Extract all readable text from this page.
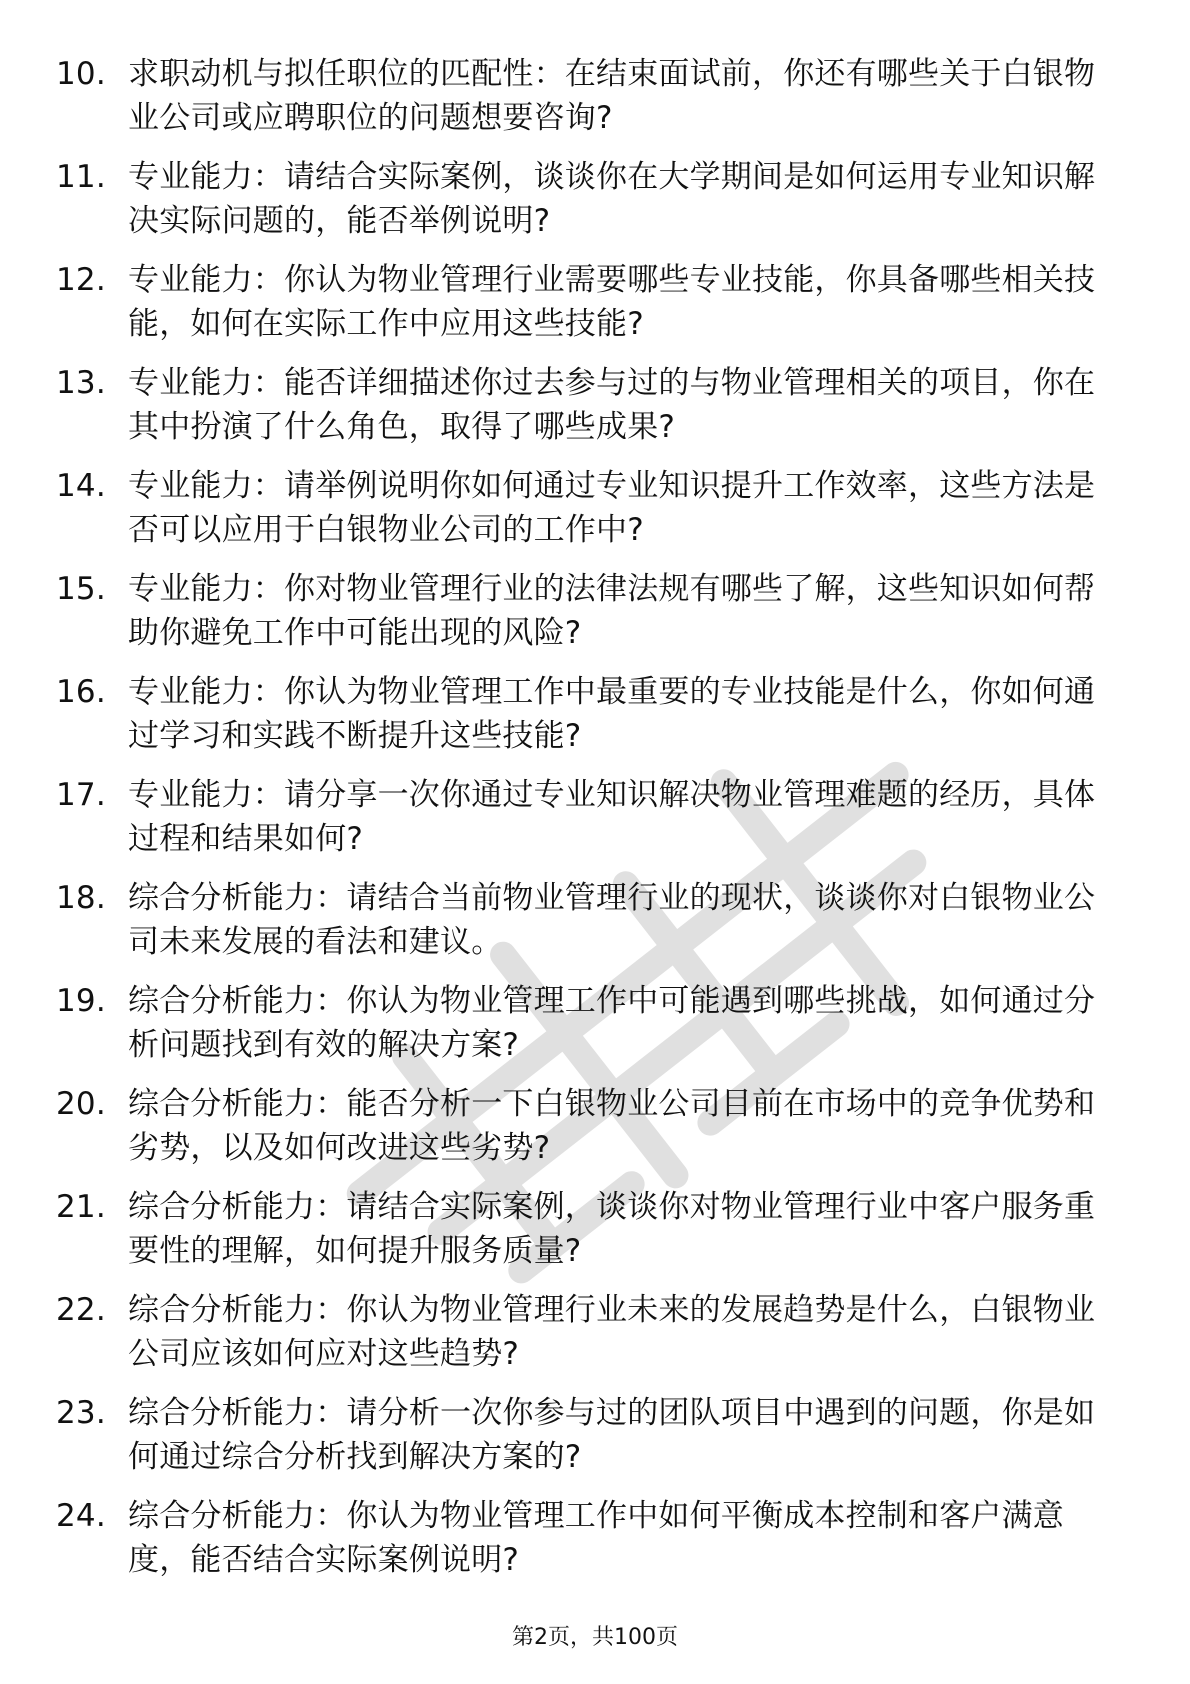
10. 求职动机与拟任职位的匹配性：在结束面试前，你还有哪些关于白银物业公司或应聘职位的问题想要咨询?
11. 专业能力：请结合实际案例，谈谈你在大学期间是如何运用专业知识解决实际问题的，能否举例说明?
12. 专业能力：你认为物业管理行业需要哪些专业技能，你具备哪些相关技能，如何在实际工作中应用这些技能?
13. 专业能力：能否详细描述你过去参与过的与物业管理相关的项目，你在其中扮演了什么角色，取得了哪些成果?
14. 专业能力：请举例说明你如何通过专业知识提升工作效率，这些方法是否可以应用于白银物业公司的工作中?
15. 专业能力：你对物业管理行业的法律法规有哪些了解，这些知识如何帮助你避免工作中可能出现的风险?
16. 专业能力：你认为物业管理工作中最重要的专业技能是什么，你如何通过学习和实践不断提升这些技能?
17. 专业能力：请分享一次你通过专业知识解决物业管理难题的经历，具体过程和结果如何?
18. 综合分析能力：请结合当前物业管理行业的现状，谈谈你对白银物业公司未来发展的看法和建议。
19. 综合分析能力：你认为物业管理工作中可能遇到哪些挑战，如何通过分析问题找到有效的解决方案?
20. 综合分析能力：能否分析一下白银物业公司目前在市场中的竞争优势和劣势，以及如何改进这些劣势?
21. 综合分析能力：请结合实际案例，谈谈你对物业管理行业中客户服务重要性的理解，如何提升服务质量?
22. 综合分析能力：你认为物业管理行业未来的发展趋势是什么，白银物业公司应该如何应对这些趋势?
23. 综合分析能力：请分析一次你参与过的团队项目中遇到的问题，你是如何通过综合分析找到解决方案的?
24. 综合分析能力：你认为物业管理工作中如何平衡成本控制和客户满意度，能否结合实际案例说明?
第2页，共100页
